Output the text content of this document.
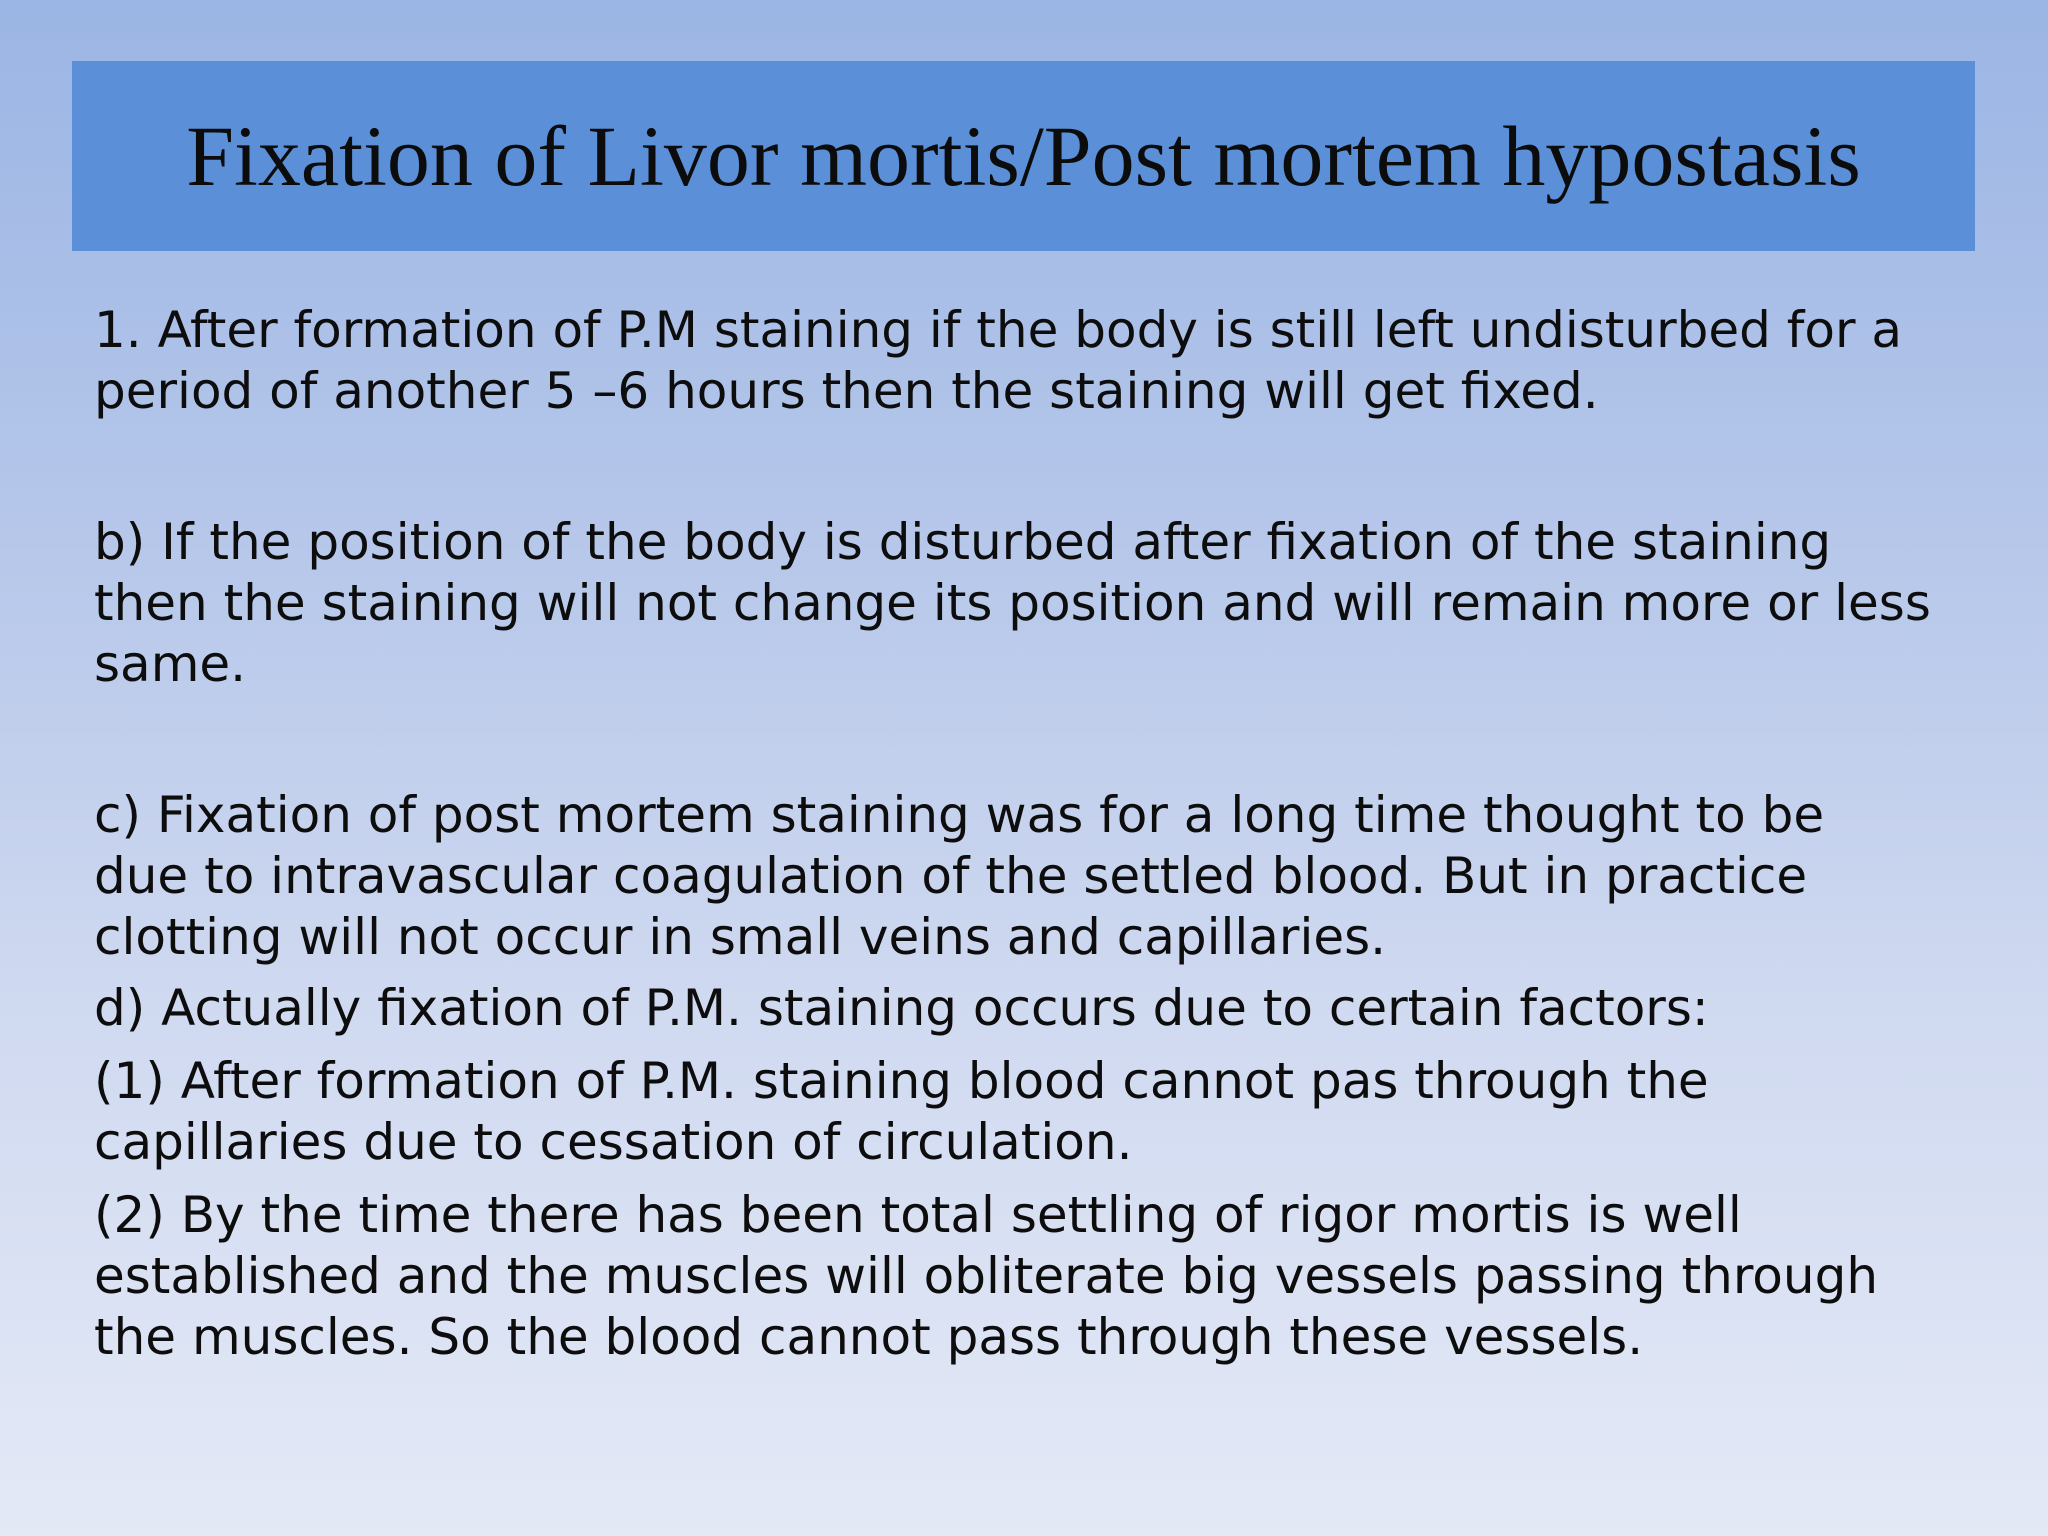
Fixation of Livor mortis/Post mortem hypostasis

1. After formation of P.M staining if the body is still left undisturbed for a
period of another 5 –6 hours then the staining will get fixed.

b) If the position of the body is disturbed after fixation of the staining
then the staining will not change its position and will remain more or less
same.

c) Fixation of post mortem staining was for a long time thought to be
due to intravascular coagulation of the settled blood. But in practice
clotting will not occur in small veins and capillaries.

d) Actually fixation of P.M. staining occurs due to certain factors:

(1) After formation of P.M. staining blood cannot pas through the
capillaries due to cessation of circulation.

(2) By the time there has been total settling of rigor mortis is well
established and the muscles will obliterate big vessels passing through
the muscles. So the blood cannot pass through these vessels.
